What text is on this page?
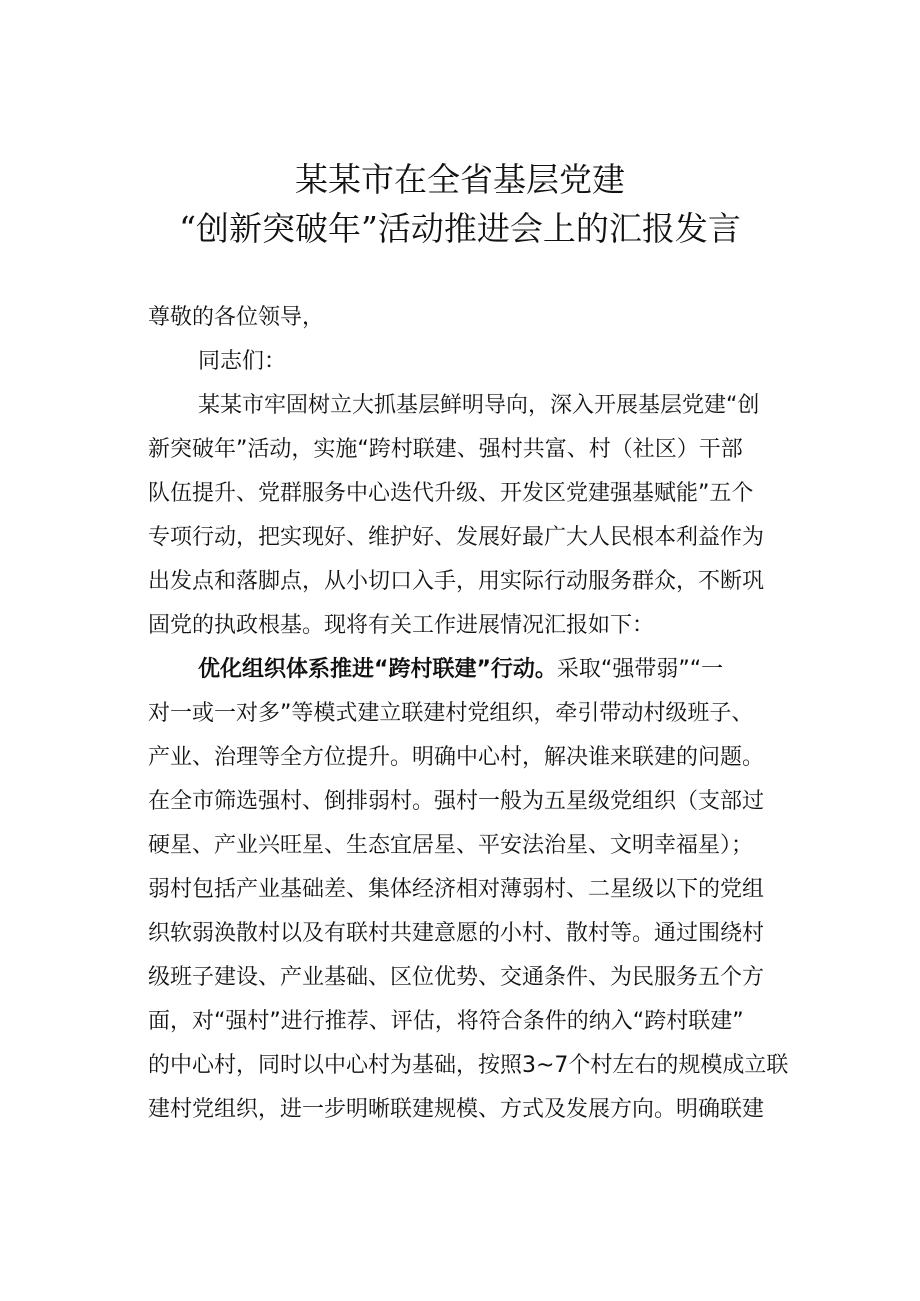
某某市在全省基层党建
“创新突破年”活动推进会上的汇报发言
尊敬的各位领导，
同志们：
某某市牢固树立大抓基层鲜明导向，深入开展基层党建“创
新突破年”活动，实施“跨村联建、强村共富、村（社区）干部
队伍提升、党群服务中心迭代升级、开发区党建强基赋能”五个
专项行动，把实现好、维护好、发展好最广大人民根本利益作为
出发点和落脚点，从小切口入手，用实际行动服务群众，不断巩
固党的执政根基。现将有关工作进展情况汇报如下：
优化组织体系推进“跨村联建”行动。采取“强带弱”“一
对一或一对多”等模式建立联建村党组织，牵引带动村级班子、
产业、治理等全方位提升。明确中心村，解决谁来联建的问题。
在全市筛选强村、倒排弱村。强村一般为五星级党组织（支部过
硬星、产业兴旺星、生态宜居星、平安法治星、文明幸福星）；
弱村包括产业基础差、集体经济相对薄弱村、二星级以下的党组
织软弱涣散村以及有联村共建意愿的小村、散村等。通过围绕村
级班子建设、产业基础、区位优势、交通条件、为民服务五个方
面，对“强村”进行推荐、评估，将符合条件的纳入“跨村联建”
的中心村，同时以中心村为基础，按照3~7个村左右的规模成立联
建村党组织，进一步明晰联建规模、方式及发展方向。明确联建
